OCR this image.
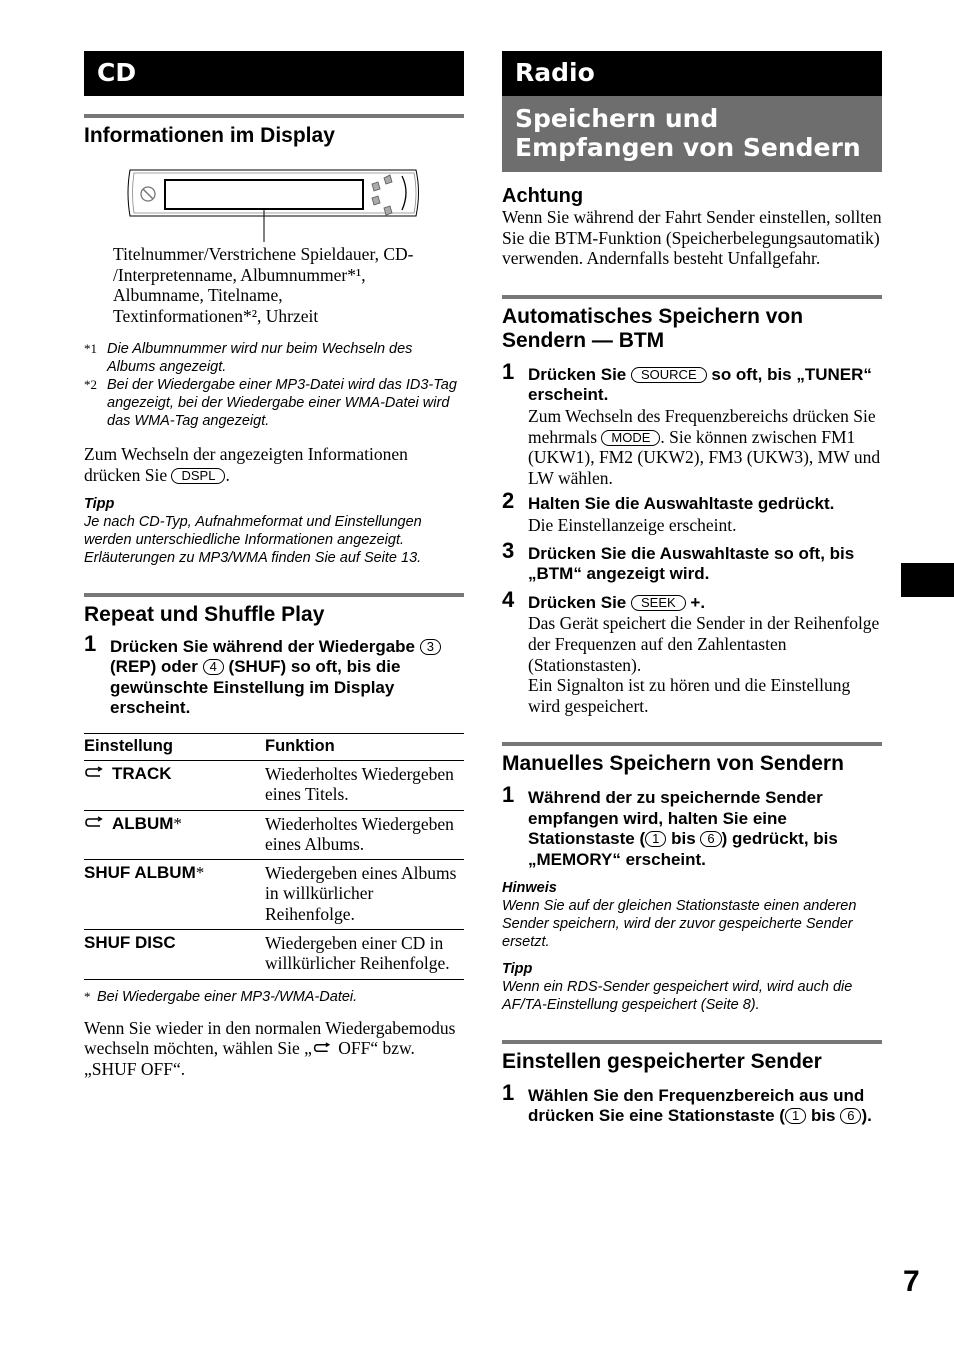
CD
Informationen im Display
Titelnummer/Verstrichene Spieldauer, CD-
/Interpretenname, Albumnummer*¹,
Albumname, Titelname,
Textinformationen*², Uhrzeit
*1 Die Albumnummer wird nur beim Wechseln des Albums angezeigt.
*2 Bei der Wiedergabe einer MP3-Datei wird das ID3-Tag angezeigt, bei der Wiedergabe einer WMA-Datei wird das WMA-Tag angezeigt.
Zum Wechseln der angezeigten Informationen drücken Sie DSPL .
Tipp
Je nach CD-Typ, Aufnahmeformat und Einstellungen werden unterschiedliche Informationen angezeigt. Erläuterungen zu MP3/WMA finden Sie auf Seite 13.
Repeat und Shuffle Play
1 Drücken Sie während der Wiedergabe 3 (REP) oder 4 (SHUF) so oft, bis die gewünschte Einstellung im Display erscheint.
Einstellung	Funktion
TRACK	Wiederholtes Wiedergeben eines Titels.
ALBUM*	Wiederholtes Wiedergeben eines Albums.
SHUF ALBUM*	Wiedergeben eines Albums in willkürlicher Reihenfolge.
SHUF DISC	Wiedergeben einer CD in willkürlicher Reihenfolge.
* Bei Wiedergabe einer MP3-/WMA-Datei.
Wenn Sie wieder in den normalen Wiedergabemodus wechseln möchten, wählen Sie „ OFF“ bzw. „SHUF OFF“.
Radio
Speichern und Empfangen von Sendern
Achtung
Wenn Sie während der Fahrt Sender einstellen, sollten Sie die BTM-Funktion (Speicherbelegungsautomatik) verwenden. Andernfalls besteht Unfallgefahr.
Automatisches Speichern von Sendern — BTM
1 Drücken Sie SOURCE so oft, bis „TUNER“ erscheint.
Zum Wechseln des Frequenzbereichs drücken Sie mehrmals MODE . Sie können zwischen FM1 (UKW1), FM2 (UKW2), FM3 (UKW3), MW und LW wählen.
2 Halten Sie die Auswahltaste gedrückt.
Die Einstellanzeige erscheint.
3 Drücken Sie die Auswahltaste so oft, bis „BTM“ angezeigt wird.
4 Drücken Sie SEEK +.
Das Gerät speichert die Sender in der Reihenfolge der Frequenzen auf den Zahlentasten (Stationstasten).
Ein Signalton ist zu hören und die Einstellung wird gespeichert.
Manuelles Speichern von Sendern
1 Während der zu speichernde Sender empfangen wird, halten Sie eine Stationstaste ( 1 bis 6 ) gedrückt, bis „MEMORY“ erscheint.
Hinweis
Wenn Sie auf der gleichen Stationstaste einen anderen Sender speichern, wird der zuvor gespeicherte Sender ersetzt.
Tipp
Wenn ein RDS-Sender gespeichert wird, wird auch die AF/TA-Einstellung gespeichert (Seite 8).
Einstellen gespeicherter Sender
1 Wählen Sie den Frequenzbereich aus und drücken Sie eine Stationstaste ( 1 bis 6 ).
7
